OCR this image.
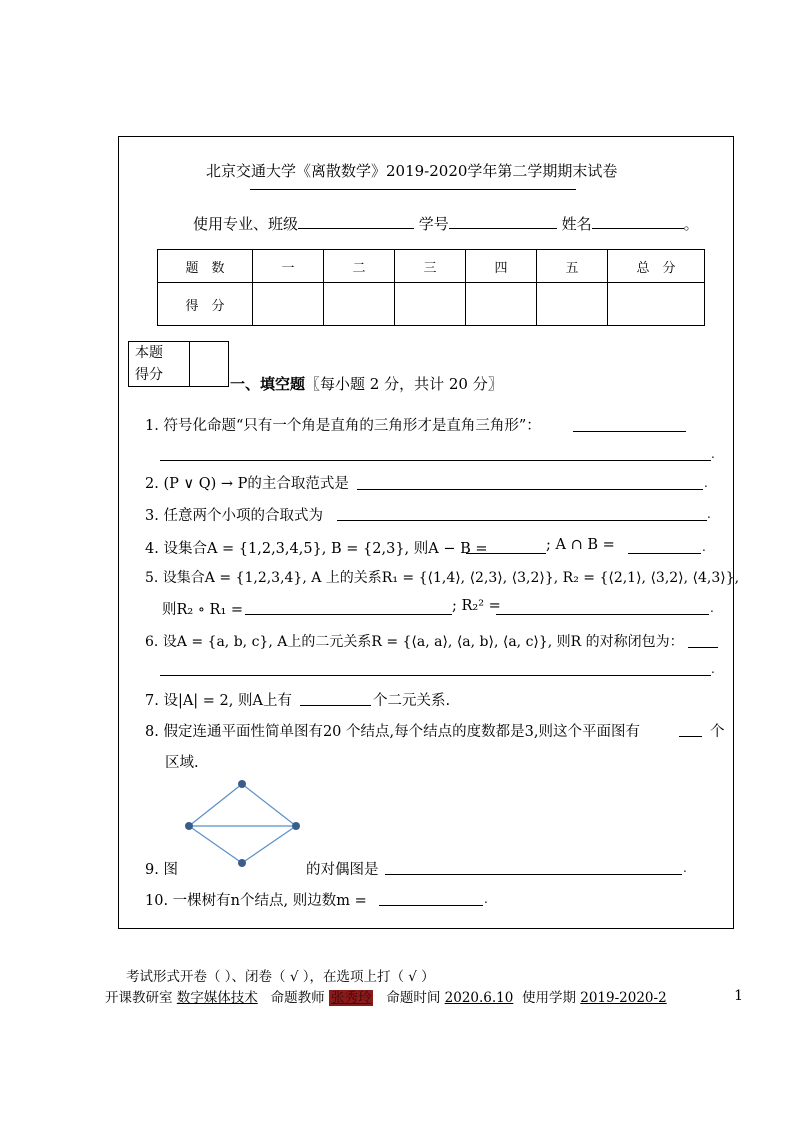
北京交通大学《离散数学》2019-2020学年第二学期期末试卷
使用专业、班级	学号	姓名	。
题　数	一	二	三	四	五	总　分
得　分						
本题
得分
		一、填空题〖每小题 2 分，共计 20 分〗
1. 符号化命题“只有一个角是直角的三角形才是直角三角形”：
.
2. (P ∨ Q) → P的主合取范式是	.
3. 任意两个小项的合取式为	.
4. 设集合A = {1,2,3,4,5}, B = {2,3}, 则A − B =	; A ∩ B =	.
5. 设集合A = {1,2,3,4}, A 上的关系R₁ = {⟨1,4⟩, ⟨2,3⟩, ⟨3,2⟩}, R₂ = {⟨2,1⟩, ⟨3,2⟩, ⟨4,3⟩},
则R₂ ∘ R₁ =	; R₂² =	.
6. 设A = {a, b, c}, A上的二元关系R = {⟨a, a⟩, ⟨a, b⟩, ⟨a, c⟩}, 则R 的对称闭包为：
.
7. 设|A| = 2, 则A上有	个二元关系.
8. 假定连通平面性简单图有20 个结点,每个结点的度数都是3,则这个平面图有	个
区域.
9. 图	的对偶图是	.
10. 一棵树有n个结点, 则边数m =	.
考试形式开卷（ ）、闭卷（ √ ），在选项上打（ √ ）
开课教研室 数字媒体技术 命题教师 张秀玲 命题时间 2020.6.10 使用学期 2019-2020-2	1
